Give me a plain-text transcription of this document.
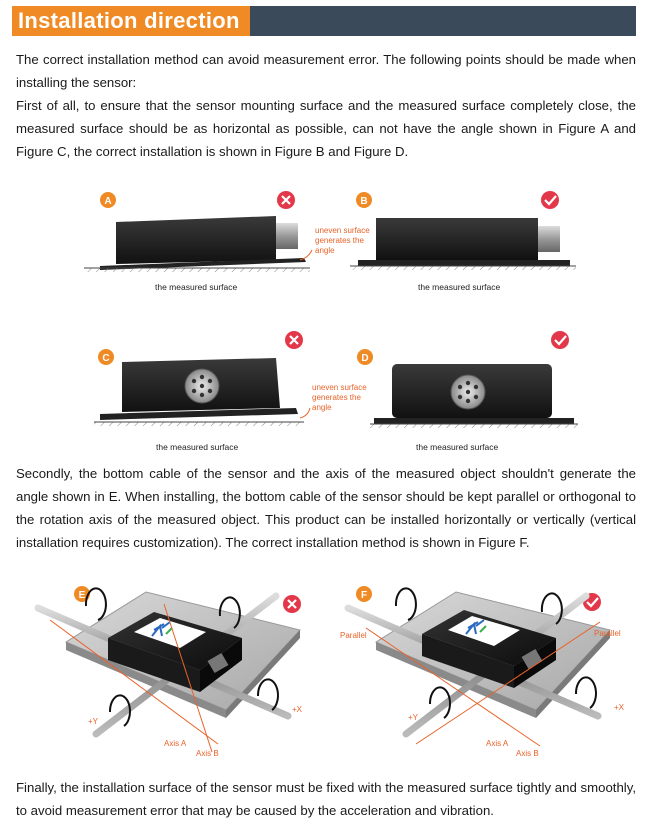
Installation direction

The correct installation method can avoid measurement error. The following points should be made when installing the sensor:

First of all, to ensure that the sensor mounting surface and the measured surface completely close, the measured surface should be as horizontal as possible, can not have the angle shown in Figure A and Figure C, the correct installation is shown in Figure B and Figure D.

A
uneven surface
generates the
angle
the measured surface
B
the measured surface
C
uneven surface
generates the
angle
the measured surface
D
the measured surface

Secondly, the bottom cable of the sensor and the axis of the measured object shouldn't generate the angle shown in E. When installing, the bottom cable of the sensor should be kept parallel or orthogonal to the rotation axis of the measured object. This product can be installed horizontally or vertically (vertical installation requires customization). The correct installation method is shown in Figure F.

E
+Y
+X
Axis A
Axis B
F
Parallel	Parallel
+Y
+X
Axis A
Axis B

Finally, the installation surface of the sensor must be fixed with the measured surface tightly and smoothly, to avoid measurement error that may be caused by the acceleration and vibration.
